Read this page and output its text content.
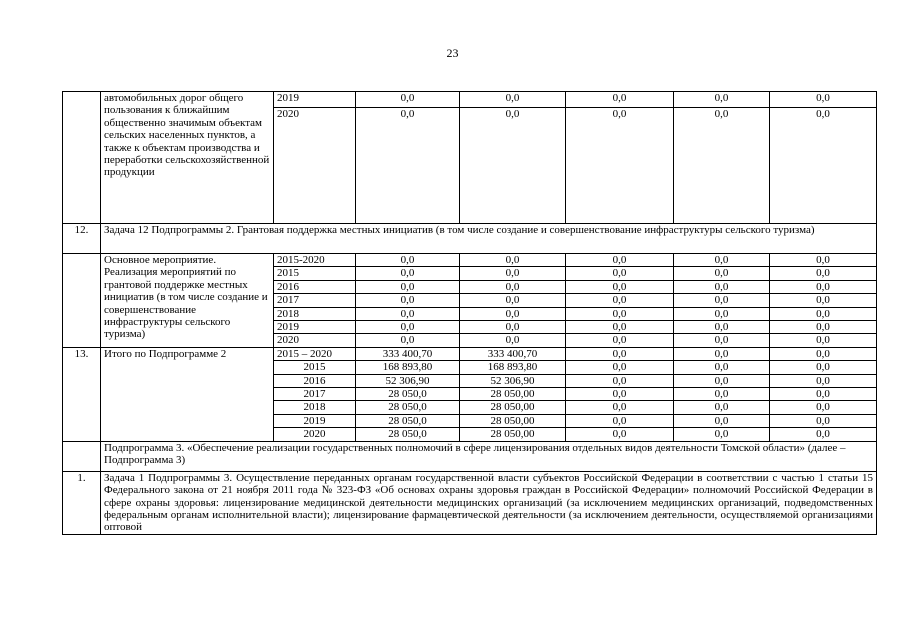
23
	автомобильных дорог общего пользования к ближайшим общественно значимым объектам сельских населенных пунктов, а также к объектам производства и переработки сельскохозяйственной продукции	2019	0,0	0,0	0,0	0,0	0,0
		2020	0,0	0,0	0,0	0,0	0,0
12.	Задача 12 Подпрограммы 2. Грантовая поддержка местных инициатив (в том числе создание и совершенствование инфраструктуры сельского туризма)						
	Основное мероприятие. Реализация мероприятий по грантовой поддержке местных инициатив (в том числе создание и совершенствование инфраструктуры сельского туризма)	2015-2020	0,0	0,0	0,0	0,0	0,0
		2015	0,0	0,0	0,0	0,0	0,0
		2016	0,0	0,0	0,0	0,0	0,0
		2017	0,0	0,0	0,0	0,0	0,0
		2018	0,0	0,0	0,0	0,0	0,0
		2019	0,0	0,0	0,0	0,0	0,0
		2020	0,0	0,0	0,0	0,0	0,0
13.	Итого по Подпрограмме 2	2015 – 2020	333 400,70	333 400,70	0,0	0,0	0,0
		2015	168 893,80	168 893,80	0,0	0,0	0,0
		2016	52 306,90	52 306,90	0,0	0,0	0,0
		2017	28 050,0	28 050,00	0,0	0,0	0,0
		2018	28 050,0	28 050,00	0,0	0,0	0,0
		2019	28 050,0	28 050,00	0,0	0,0	0,0
		2020	28 050,0	28 050,00	0,0	0,0	0,0
	Подпрограмма 3. «Обеспечение реализации государственных полномочий в сфере лицензирования отдельных видов деятельности Томской области» (далее – Подпрограмма 3)						
1.	Задача 1 Подпрограммы 3. Осуществление переданных органам государственной власти субъектов Российской Федерации в соответствии с частью 1 статьи 15 Федерального закона от 21 ноября 2011 года № 323-ФЗ «Об основах охраны здоровья граждан в Российской Федерации» полномочий Российской Федерации в сфере охраны здоровья: лицензирование медицинской деятельности медицинских организаций (за исключением медицинских организаций, подведомственных федеральным органам исполнительной власти); лицензирование фармацевтической деятельности (за исключением деятельности, осуществляемой организациями оптовой						
